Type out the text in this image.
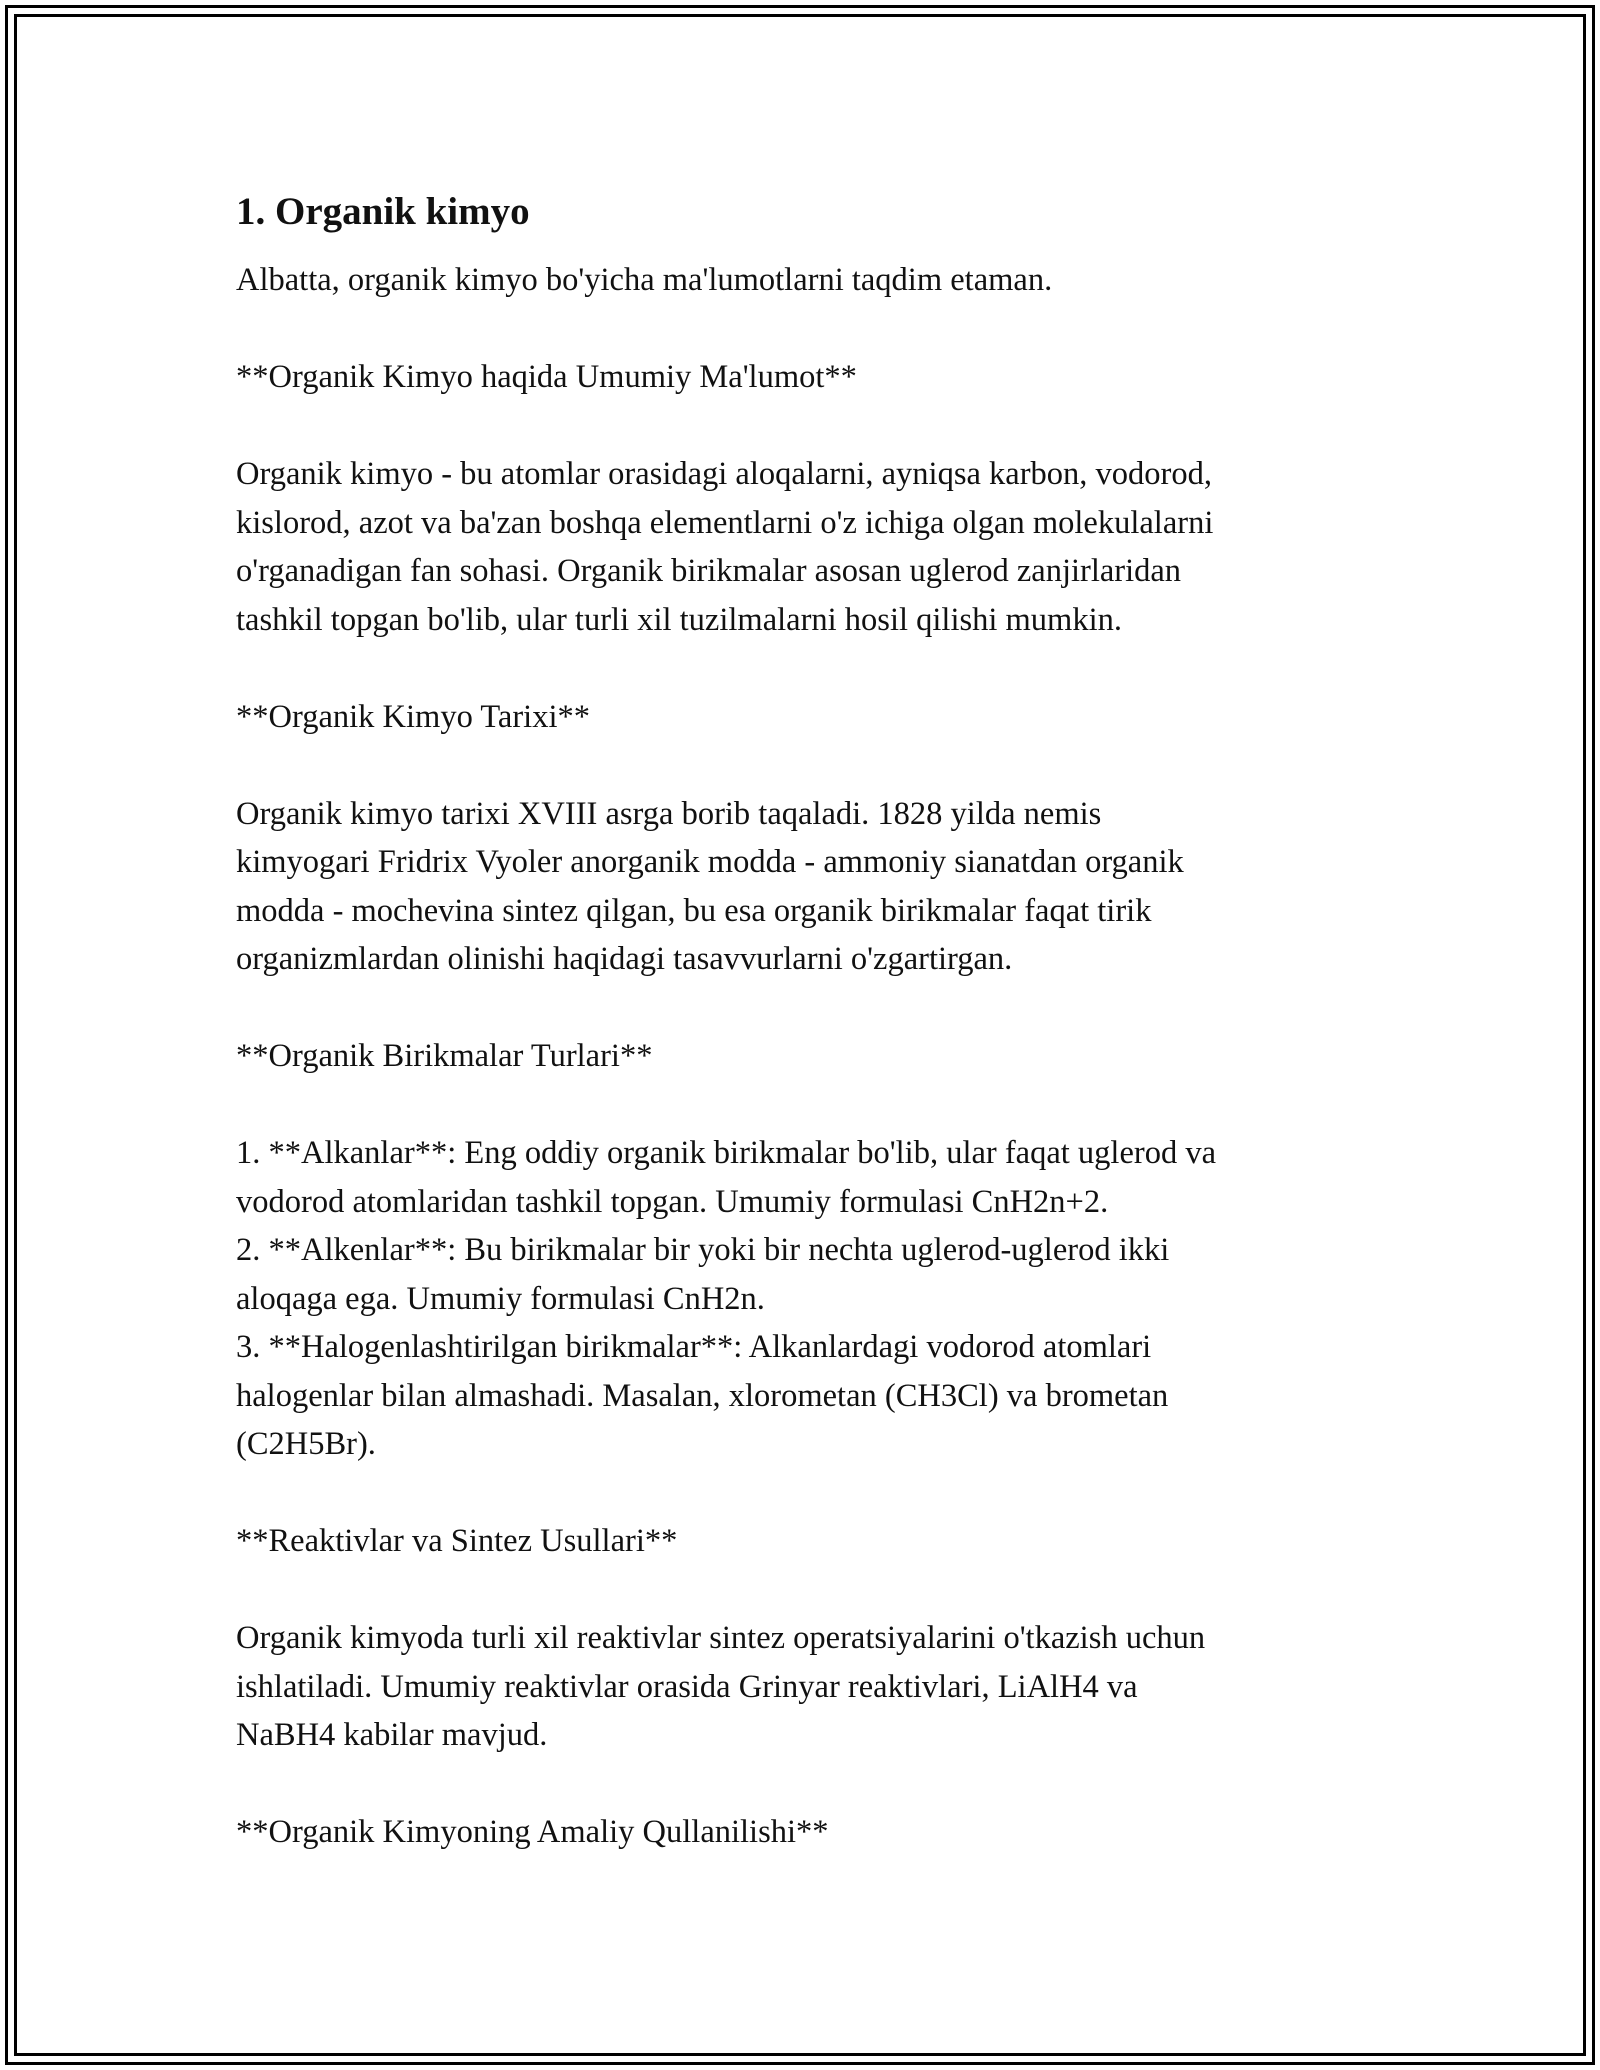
1. Organik kimyo

Albatta, organik kimyo bo'yicha ma'lumotlarni taqdim etaman.

**Organik Kimyo haqida Umumiy Ma'lumot**

Organik kimyo - bu atomlar orasidagi aloqalarni, ayniqsa karbon, vodorod,

kislorod, azot va ba'zan boshqa elementlarni o'z ichiga olgan molekulalarni

o'rganadigan fan sohasi. Organik birikmalar asosan uglerod zanjirlaridan

tashkil topgan bo'lib, ular turli xil tuzilmalarni hosil qilishi mumkin.

**Organik Kimyo Tarixi**

Organik kimyo tarixi XVIII asrga borib taqaladi. 1828 yilda nemis

kimyogari Fridrix Vyoler anorganik modda - ammoniy sianatdan organik

modda - mochevina sintez qilgan, bu esa organik birikmalar faqat tirik

organizmlardan olinishi haqidagi tasavvurlarni o'zgartirgan.

**Organik Birikmalar Turlari**

1. **Alkanlar**: Eng oddiy organik birikmalar bo'lib, ular faqat uglerod va

vodorod atomlaridan tashkil topgan. Umumiy formulasi CnH2n+2.

2. **Alkenlar**: Bu birikmalar bir yoki bir nechta uglerod-uglerod ikki

aloqaga ega. Umumiy formulasi CnH2n.

3. **Halogenlashtirilgan birikmalar**: Alkanlardagi vodorod atomlari

halogenlar bilan almashadi. Masalan, xlorometan (CH3Cl) va brometan

(C2H5Br).

**Reaktivlar va Sintez Usullari**

Organik kimyoda turli xil reaktivlar sintez operatsiyalarini o'tkazish uchun

ishlatiladi. Umumiy reaktivlar orasida Grinyar reaktivlari, LiAlH4 va

NaBH4 kabilar mavjud.

**Organik Kimyoning Amaliy Qullanilishi**
